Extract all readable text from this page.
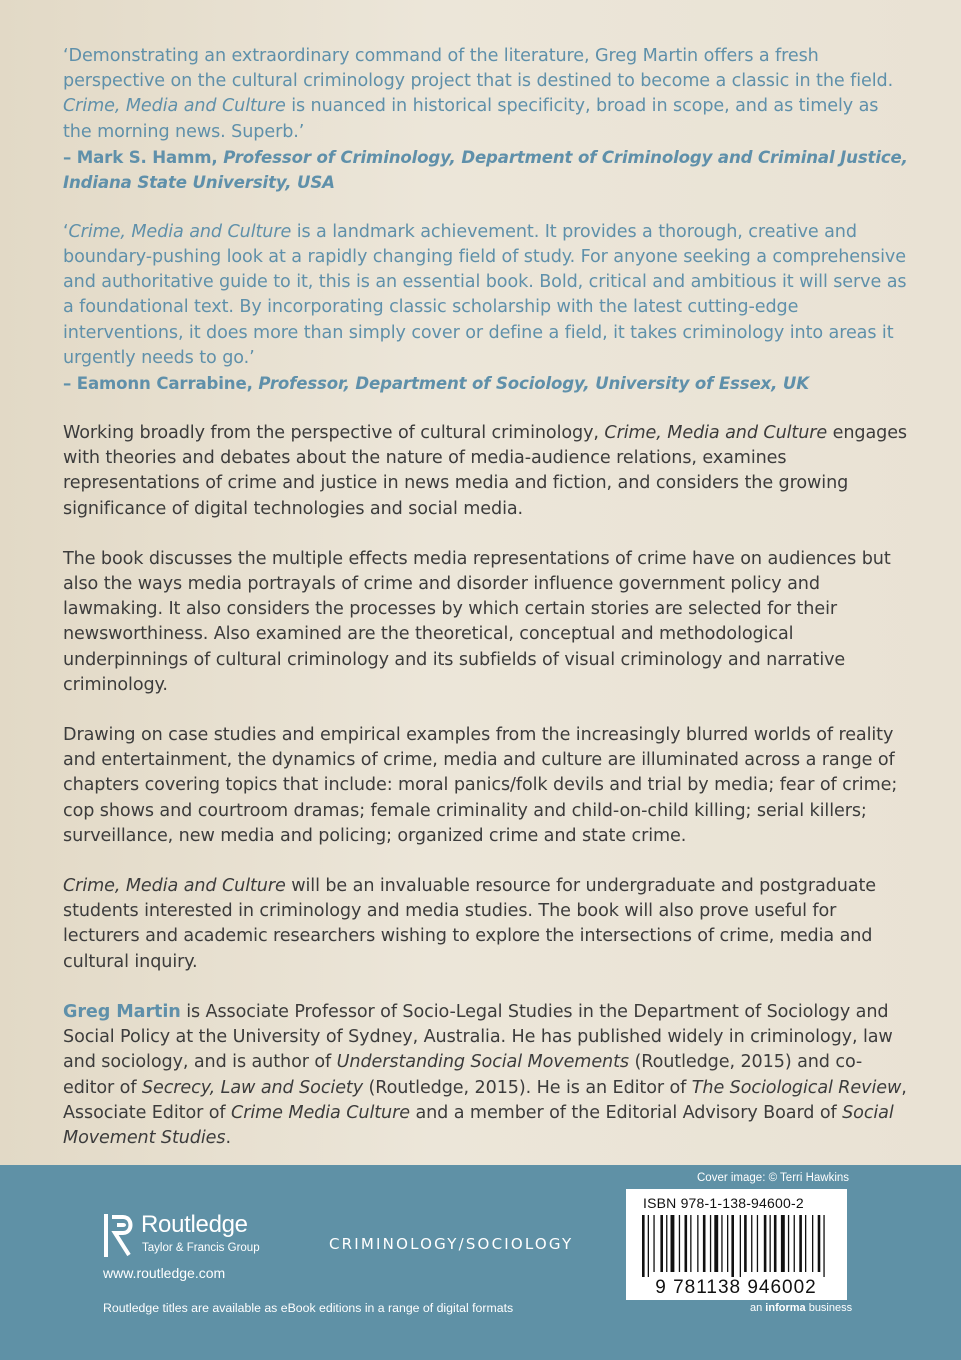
‘Demonstrating an extraordinary command of the literature, Greg Martin offers a fresh perspective on the cultural criminology project that is destined to become a classic in the field. Crime, Media and Culture is nuanced in historical specificity, broad in scope, and as timely as the morning news. Superb.’

– Mark S. Hamm, Professor of Criminology, Department of Criminology and Criminal Justice, Indiana State University, USA

‘Crime, Media and Culture is a landmark achievement. It provides a thorough, creative and boundary-pushing look at a rapidly changing field of study. For anyone seeking a comprehensive and authoritative guide to it, this is an essential book. Bold, critical and ambitious it will serve as a foundational text. By incorporating classic scholarship with the latest cutting-edge interventions, it does more than simply cover or define a field, it takes criminology into areas it urgently needs to go.’

– Eamonn Carrabine, Professor, Department of Sociology, University of Essex, UK

Working broadly from the perspective of cultural criminology, Crime, Media and Culture engages with theories and debates about the nature of media-audience relations, examines representations of crime and justice in news media and fiction, and considers the growing significance of digital technologies and social media.

The book discusses the multiple effects media representations of crime have on audiences but also the ways media portrayals of crime and disorder influence government policy and lawmaking. It also considers the processes by which certain stories are selected for their newsworthiness. Also examined are the theoretical, conceptual and methodological underpinnings of cultural criminology and its subfields of visual criminology and narrative criminology.

Drawing on case studies and empirical examples from the increasingly blurred worlds of reality and entertainment, the dynamics of crime, media and culture are illuminated across a range of chapters covering topics that include: moral panics/folk devils and trial by media; fear of crime; cop shows and courtroom dramas; female criminality and child-on-child killing; serial killers; surveillance, new media and policing; organized crime and state crime.

Crime, Media and Culture will be an invaluable resource for undergraduate and postgraduate students interested in criminology and media studies. The book will also prove useful for lecturers and academic researchers wishing to explore the intersections of crime, media and cultural inquiry.

Greg Martin is Associate Professor of Socio-Legal Studies in the Department of Sociology and Social Policy at the University of Sydney, Australia. He has published widely in criminology, law and sociology, and is author of Understanding Social Movements (Routledge, 2015) and co-editor of Secrecy, Law and Society (Routledge, 2015). He is an Editor of The Sociological Review, Associate Editor of Crime Media Culture and a member of the Editorial Advisory Board of Social Movement Studies.

Cover image: © Terri Hawkins
Routledge
Taylor & Francis Group
www.routledge.com
CRIMINOLOGY/SOCIOLOGY
Routledge titles are available as eBook editions in a range of digital formats
ISBN 978-1-138-94600-2
9 781138 946002
an informa business
